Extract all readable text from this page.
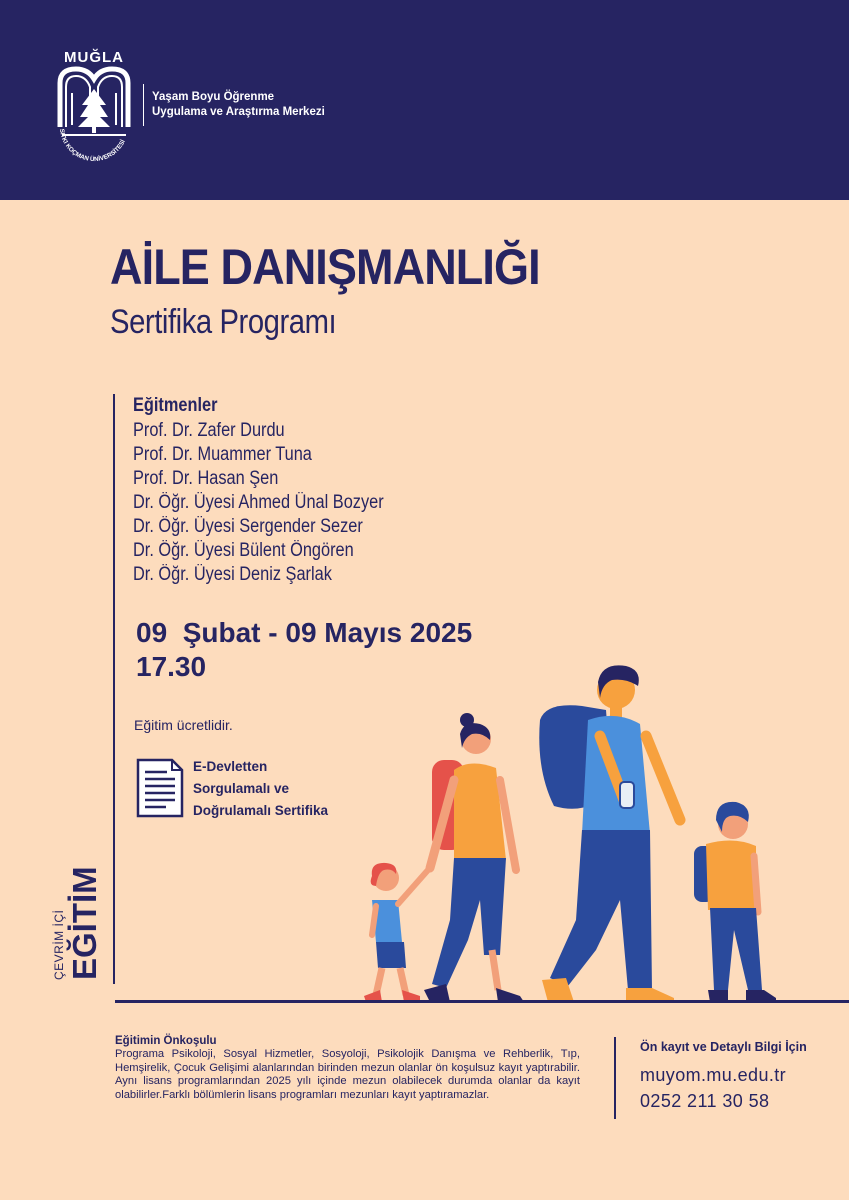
MUĞLA
SITKI KOÇMAN ÜNİVERSİTESİ
Yaşam Boyu Öğrenme
Uygulama ve Araştırma Merkezi
AİLE DANIŞMANLIĞI
Sertifika Programı
Eğitmenler
Prof. Dr. Zafer Durdu
Prof. Dr. Muammer Tuna
Prof. Dr. Hasan Şen
Dr. Öğr. Üyesi Ahmed Ünal Bozyer
Dr. Öğr. Üyesi Sergender Sezer
Dr. Öğr. Üyesi Bülent Öngören
Dr. Öğr. Üyesi Deniz Şarlak
09  Şubat - 09 Mayıs 2025
17.30
Eğitim ücretlidir.
E-Devletten
Sorgulamalı ve
Doğrulamalı Sertifika
ÇEVRİM İÇİ EĞİTİM
Eğitimin Önkoşulu
Programa Psikoloji, Sosyal Hizmetler, Sosyoloji, Psikolojik Danışma ve Rehberlik, Tıp, Hemşirelik, Çocuk Gelişimi alanlarından birinden mezun olanlar ön koşulsuz kayıt yaptırabilir. Aynı lisans programlarından 2025 yılı içinde mezun olabilecek durumda olanlar da kayıt olabilirler.Farklı bölümlerin lisans programları mezunları kayıt yaptıramazlar.
Ön kayıt ve Detaylı Bilgi İçin
muyom.mu.edu.tr
0252 211 30 58
